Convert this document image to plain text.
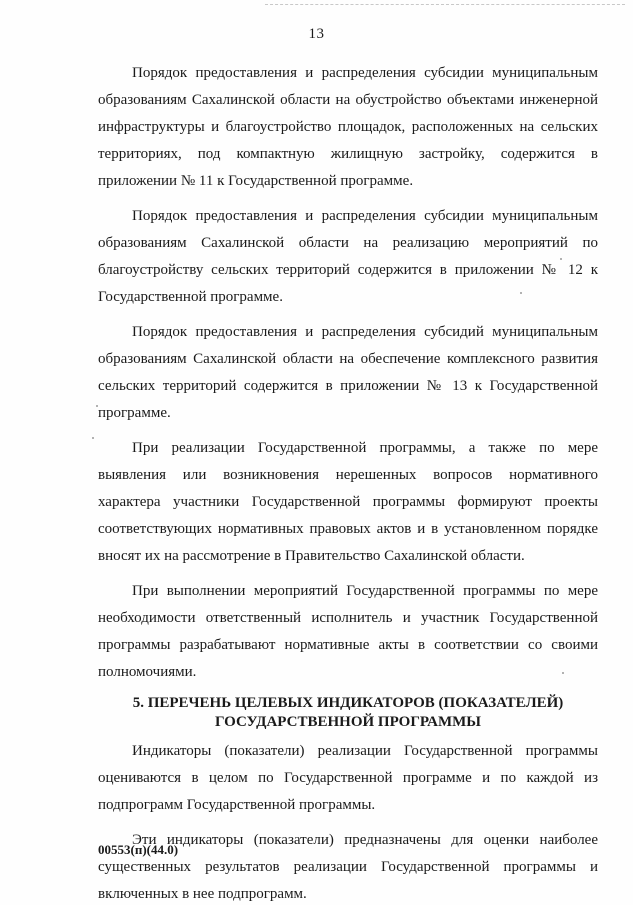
13

Порядок предоставления и распределения субсидии муниципальным образованиям Сахалинской области на обустройство объектами инженерной инфраструктуры и благоустройство площадок, расположенных на сельских территориях, под компактную жилищную застройку, содержится в приложении № 11 к Государственной программе.

Порядок предоставления и распределения субсидии муниципальным образованиям Сахалинской области на реализацию мероприятий по благоустройству сельских территорий содержится в приложении № 12 к Государственной программе.

Порядок предоставления и распределения субсидий муниципальным образованиям Сахалинской области на обеспечение комплексного развития сельских территорий содержится в приложении № 13 к Государственной программе.

При реализации Государственной программы, а также по мере выявления или возникновения нерешенных вопросов нормативного характера участники Государственной программы формируют проекты соответствующих нормативных правовых актов и в установленном порядке вносят их на рассмотрение в Правительство Сахалинской области.

При выполнении мероприятий Государственной программы по мере необходимости ответственный исполнитель и участник Государственной программы разрабатывают нормативные акты в соответствии со своими полномочиями.

5. ПЕРЕЧЕНЬ ЦЕЛЕВЫХ ИНДИКАТОРОВ (ПОКАЗАТЕЛЕЙ)
ГОСУДАРСТВЕННОЙ ПРОГРАММЫ

Индикаторы (показатели) реализации Государственной программы оцениваются в целом по Государственной программе и по каждой из подпрограмм Государственной программы.

Эти индикаторы (показатели) предназначены для оценки наиболее существенных результатов реализации Государственной программы и включенных в нее подпрограмм.

00553(п)(44.0)
